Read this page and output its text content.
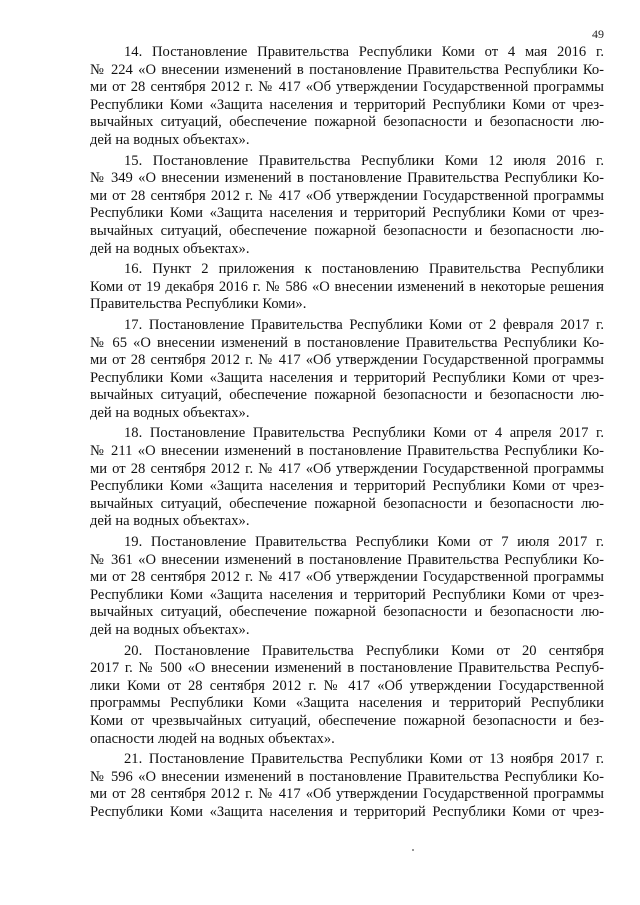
49
14. Постановление Правительства Республики Коми от 4 мая 2016 г.
№ 224 «О внесении изменений в постановление Правительства Республики Ко-
ми от 28 сентября 2012 г. № 417 «Об утверждении Государственной программы
Республики Коми «Защита населения и территорий Республики Коми от чрез-
вычайных ситуаций, обеспечение пожарной безопасности и безопасности лю-
дей на водных объектах».
15. Постановление Правительства Республики Коми 12 июля 2016 г.
№ 349 «О внесении изменений в постановление Правительства Республики Ко-
ми от 28 сентября 2012 г. № 417 «Об утверждении Государственной программы
Республики Коми «Защита населения и территорий Республики Коми от чрез-
вычайных ситуаций, обеспечение пожарной безопасности и безопасности лю-
дей на водных объектах».
16. Пункт 2 приложения к постановлению Правительства Республики
Коми от 19 декабря 2016 г. № 586 «О внесении изменений в некоторые решения
Правительства Республики Коми».
17. Постановление Правительства Республики Коми от 2 февраля 2017 г.
№ 65 «О внесении изменений в постановление Правительства Республики Ко-
ми от 28 сентября 2012 г. № 417 «Об утверждении Государственной программы
Республики Коми «Защита населения и территорий Республики Коми от чрез-
вычайных ситуаций, обеспечение пожарной безопасности и безопасности лю-
дей на водных объектах».
18. Постановление Правительства Республики Коми от 4 апреля 2017 г.
№ 211 «О внесении изменений в постановление Правительства Республики Ко-
ми от 28 сентября 2012 г. № 417 «Об утверждении Государственной программы
Республики Коми «Защита населения и территорий Республики Коми от чрез-
вычайных ситуаций, обеспечение пожарной безопасности и безопасности лю-
дей на водных объектах».
19. Постановление Правительства Республики Коми от 7 июля 2017 г.
№ 361 «О внесении изменений в постановление Правительства Республики Ко-
ми от 28 сентября 2012 г. № 417 «Об утверждении Государственной программы
Республики Коми «Защита населения и территорий Республики Коми от чрез-
вычайных ситуаций, обеспечение пожарной безопасности и безопасности лю-
дей на водных объектах».
20. Постановление Правительства Республики Коми от 20 сентября
2017 г. № 500 «О внесении изменений в постановление Правительства Респуб-
лики Коми от 28 сентября 2012 г. № 417 «Об утверждении Государственной
программы Республики Коми «Защита населения и территорий Республики
Коми от чрезвычайных ситуаций, обеспечение пожарной безопасности и без-
опасности людей на водных объектах».
21. Постановление Правительства Республики Коми от 13 ноября 2017 г.
№ 596 «О внесении изменений в постановление Правительства Республики Ко-
ми от 28 сентября 2012 г. № 417 «Об утверждении Государственной программы
Республики Коми «Защита населения и территорий Республики Коми от чрез-
